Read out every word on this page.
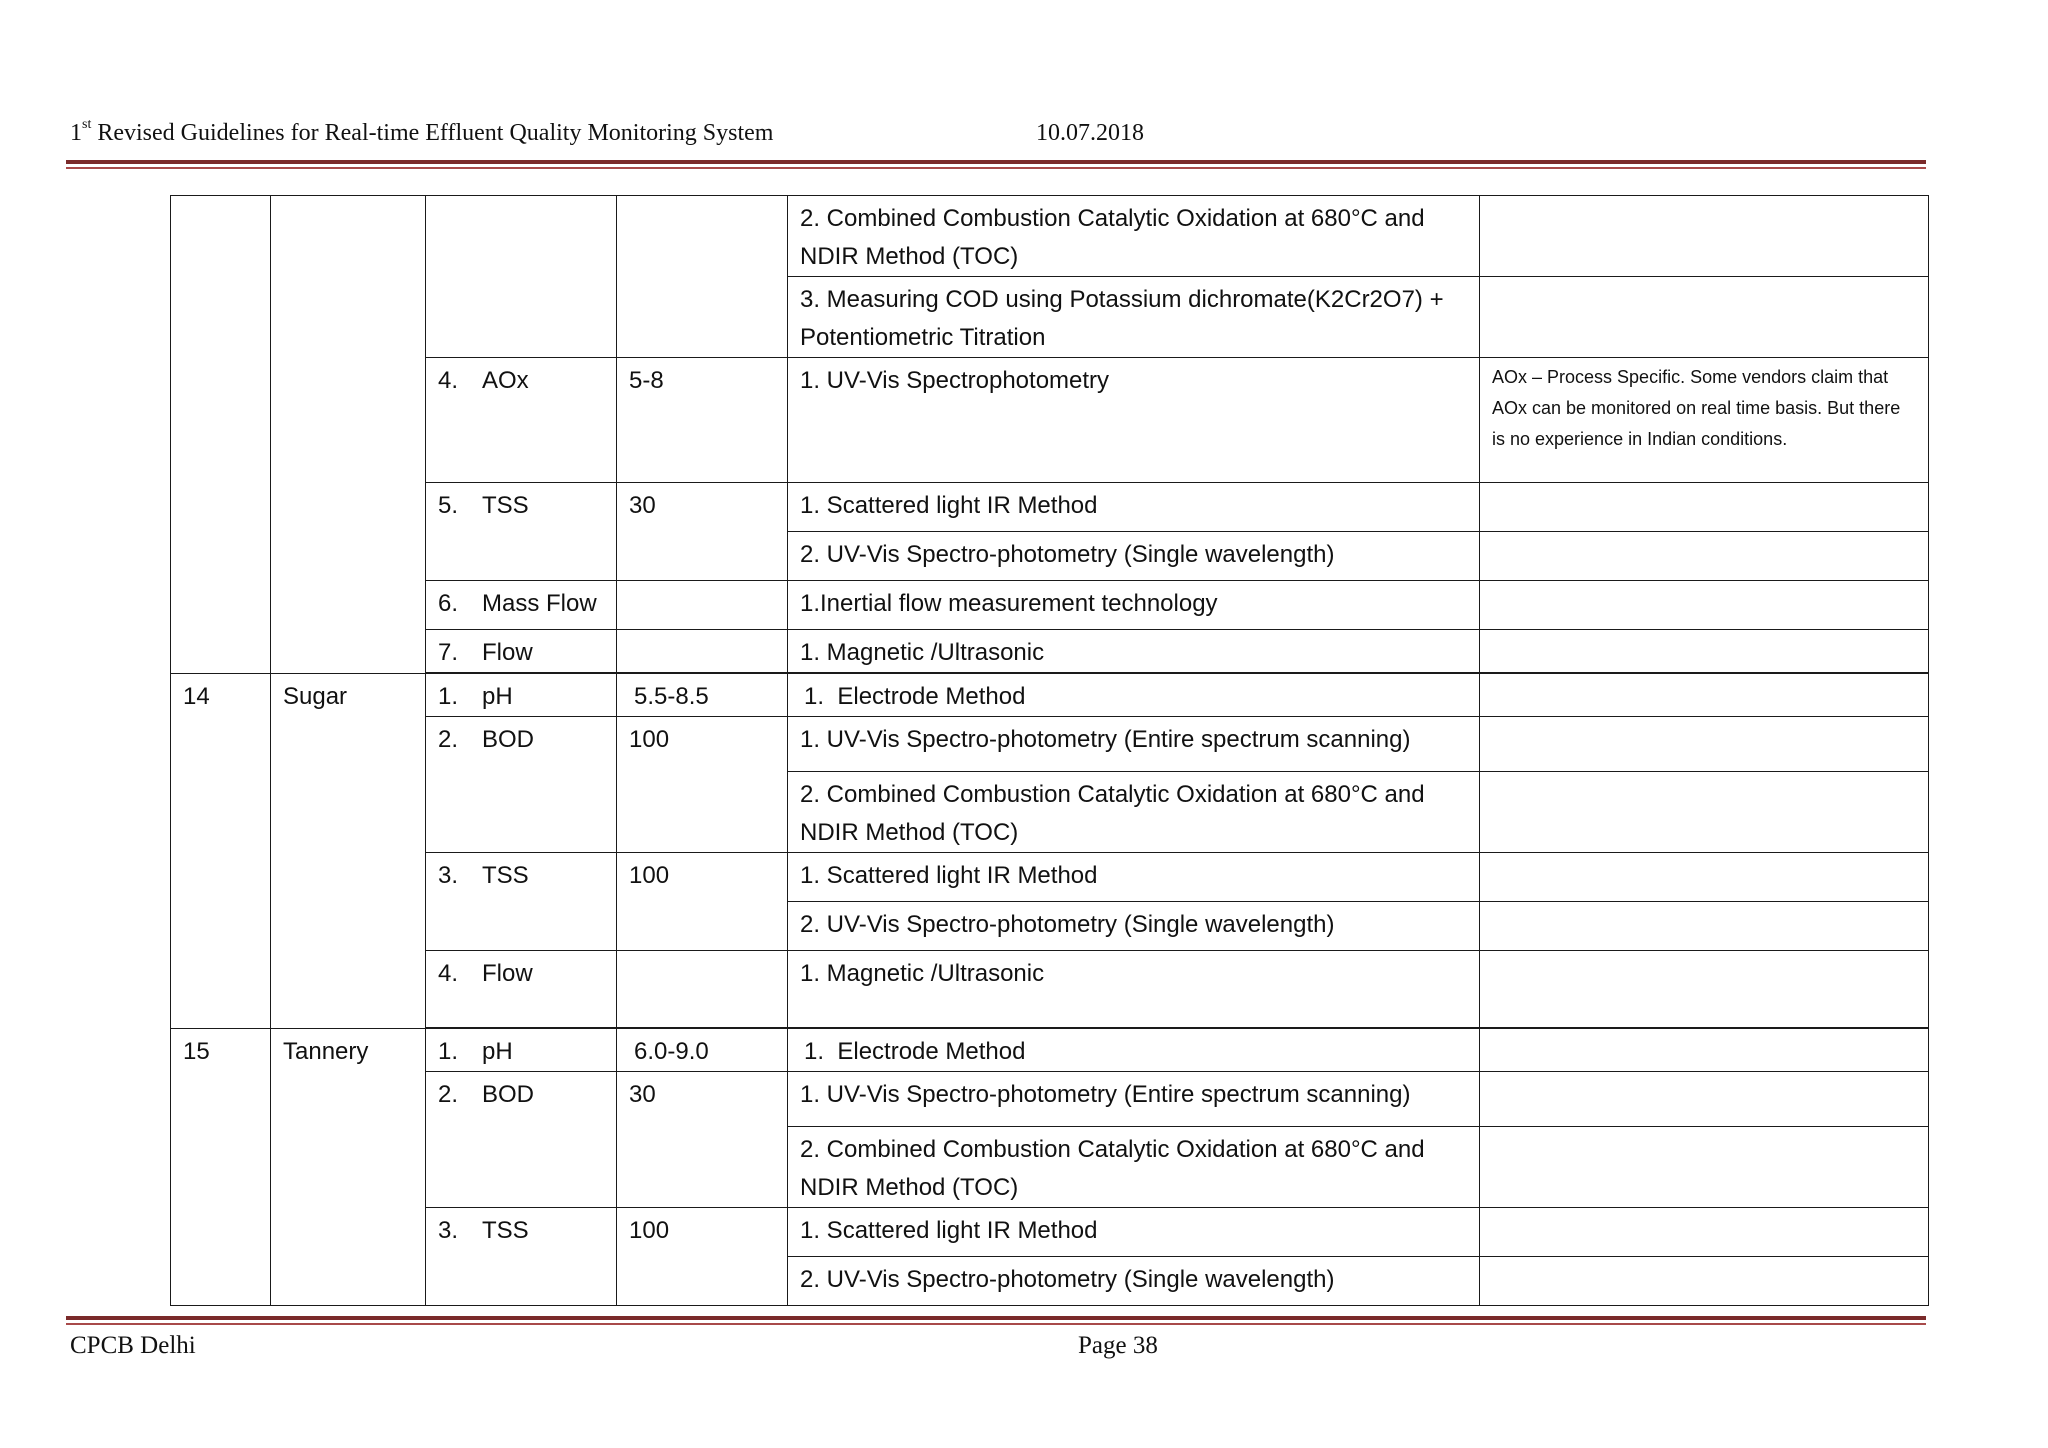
1st Revised Guidelines for Real-time Effluent Quality Monitoring System	10.07.2018
				2. Combined Combustion Catalytic Oxidation at 680°C and NDIR Method (TOC)	
				3. Measuring COD using Potassium dichromate(K2Cr2O7) + Potentiometric Titration	
		4. AOx	5-8	1. UV-Vis Spectrophotometry	AOx – Process Specific. Some vendors claim that AOx can be monitored on real time basis. But there is no experience in Indian conditions.
		5. TSS	30	1. Scattered light IR Method	
				2. UV-Vis Spectro-photometry (Single wavelength)	
		6. Mass Flow		1.Inertial flow measurement technology	
		7. Flow		1. Magnetic /Ultrasonic	

14	Sugar	1. pH	5.5-8.5	1.  Electrode Method	
		2. BOD	100	1. UV-Vis Spectro-photometry (Entire spectrum scanning)	
				2. Combined Combustion Catalytic Oxidation at 680°C and NDIR Method (TOC)	
		3. TSS	100	1. Scattered light IR Method	
				2. UV-Vis Spectro-photometry (Single wavelength)	
		4. Flow		1. Magnetic /Ultrasonic	

15	Tannery	1. pH	6.0-9.0	1.  Electrode Method	
		2. BOD	30	1. UV-Vis Spectro-photometry (Entire spectrum scanning)	
				2. Combined Combustion Catalytic Oxidation at 680°C and NDIR Method (TOC)	
		3. TSS	100	1. Scattered light IR Method	
				2. UV-Vis Spectro-photometry (Single wavelength)	
CPCB Delhi	Page 38
